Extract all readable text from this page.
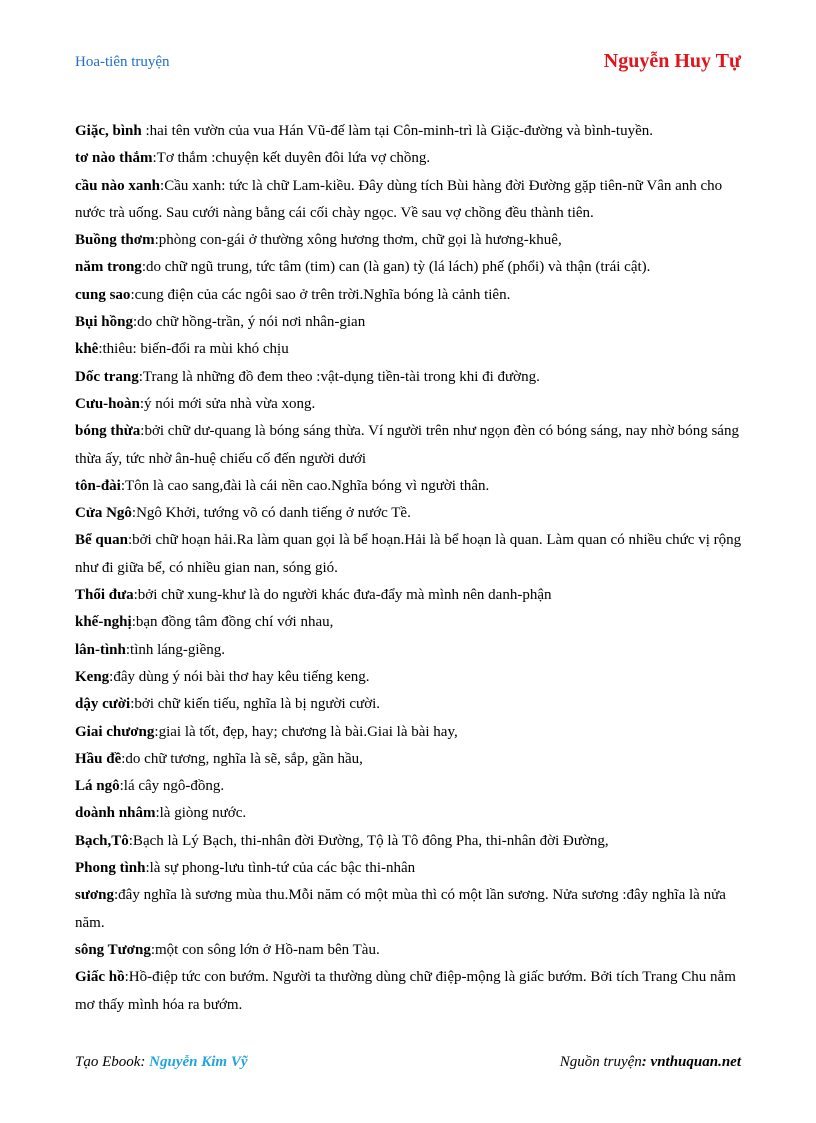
Hoa-tiên truyện	Nguyễn Huy Tự

Giặc, bình :hai tên vườn của vua Hán Vũ-đế làm tại Côn-minh-trì là Giặc-đường và bình-tuyền.

tơ nào thắm:Tơ thắm :chuyện kết duyên đôi lứa vợ chồng.

cầu nào xanh:Cầu xanh: tức là chữ Lam-kiều. Đây dùng tích Bùi hàng đời Đường gặp tiên-nữ Vân anh cho nước trà uống. Sau cưới nàng bằng cái cối chày ngọc. Về sau vợ chồng đều thành tiên.

Buồng thơm:phòng con-gái ở thường xông hương thơm, chữ gọi là hương-khuê,

năm trong:do chữ ngũ trung, tức tâm (tim) can (là gan) tỳ (lá lách) phế (phổi) và thận (trái cật).

cung sao:cung điện của các ngôi sao ở trên trời.Nghĩa bóng là cảnh tiên.

Bụi hồng:do chữ hồng-trần, ý nói nơi nhân-gian

khê:thiêu: biến-đổi ra mùi khó chịu

Dốc trang:Trang là những đồ đem theo :vật-dụng tiền-tài trong khi đi đường.

Cưu-hoàn:ý nói mới sửa nhà vừa xong.

bóng thừa:bởi chữ dư-quang là bóng sáng thừa. Ví người trên như ngọn đèn có bóng sáng, nay nhờ bóng sáng thừa ấy, tức nhờ ân-huệ chiếu cố đến người dưới

tôn-đài:Tôn là cao sang,đài là cái nền cao.Nghĩa bóng vì người thân.

Cửa Ngô:Ngô Khởi, tướng võ có danh tiếng ở nước Tề.

Bể quan:bởi chữ hoạn hải.Ra làm quan gọi là bể hoạn.Hải là bể hoạn là quan. Làm quan có nhiều chức vị rộng như đi giữa bể, có nhiều gian nan, sóng gió.

Thổi đưa:bởi chữ xung-khư là do người khác đưa-đẩy mà mình nên danh-phận

khế-nghị:bạn đồng tâm đồng chí với nhau,

lân-tình:tình láng-giềng.

Keng:đây dùng ý nói bài thơ hay kêu tiếng keng.

dậy cười:bởi chữ kiến tiếu, nghĩa là bị người cười.

Giai chương:giai là tốt, đẹp, hay; chương là bài.Giai là bài hay,

Hầu đề:do chữ tương, nghĩa là sẽ, sắp, gần hầu,

Lá ngô:lá cây ngô-đồng.

doành nhâm:là giòng nước.

Bạch,Tô:Bạch là Lý Bạch, thi-nhân đời Đường, Tộ là Tô đông Pha, thi-nhân đời Đường,

Phong tình:là sự phong-lưu tình-tứ của các bậc thi-nhân

sương:đây nghĩa là sương mùa thu.Mỗi năm có một mùa thì có một lần sương. Nửa sương :đây nghĩa là nửa năm.

sông Tương:một con sông lớn ở Hồ-nam bên Tàu.

Giấc hồ:Hồ-điệp tức con bướm. Người ta thường dùng chữ điệp-mộng là giấc bướm. Bởi tích Trang Chu nằm mơ thấy mình hóa ra bướm.

Tạo Ebook: Nguyễn Kim Vỹ	Nguồn truyện: vnthuquan.net
